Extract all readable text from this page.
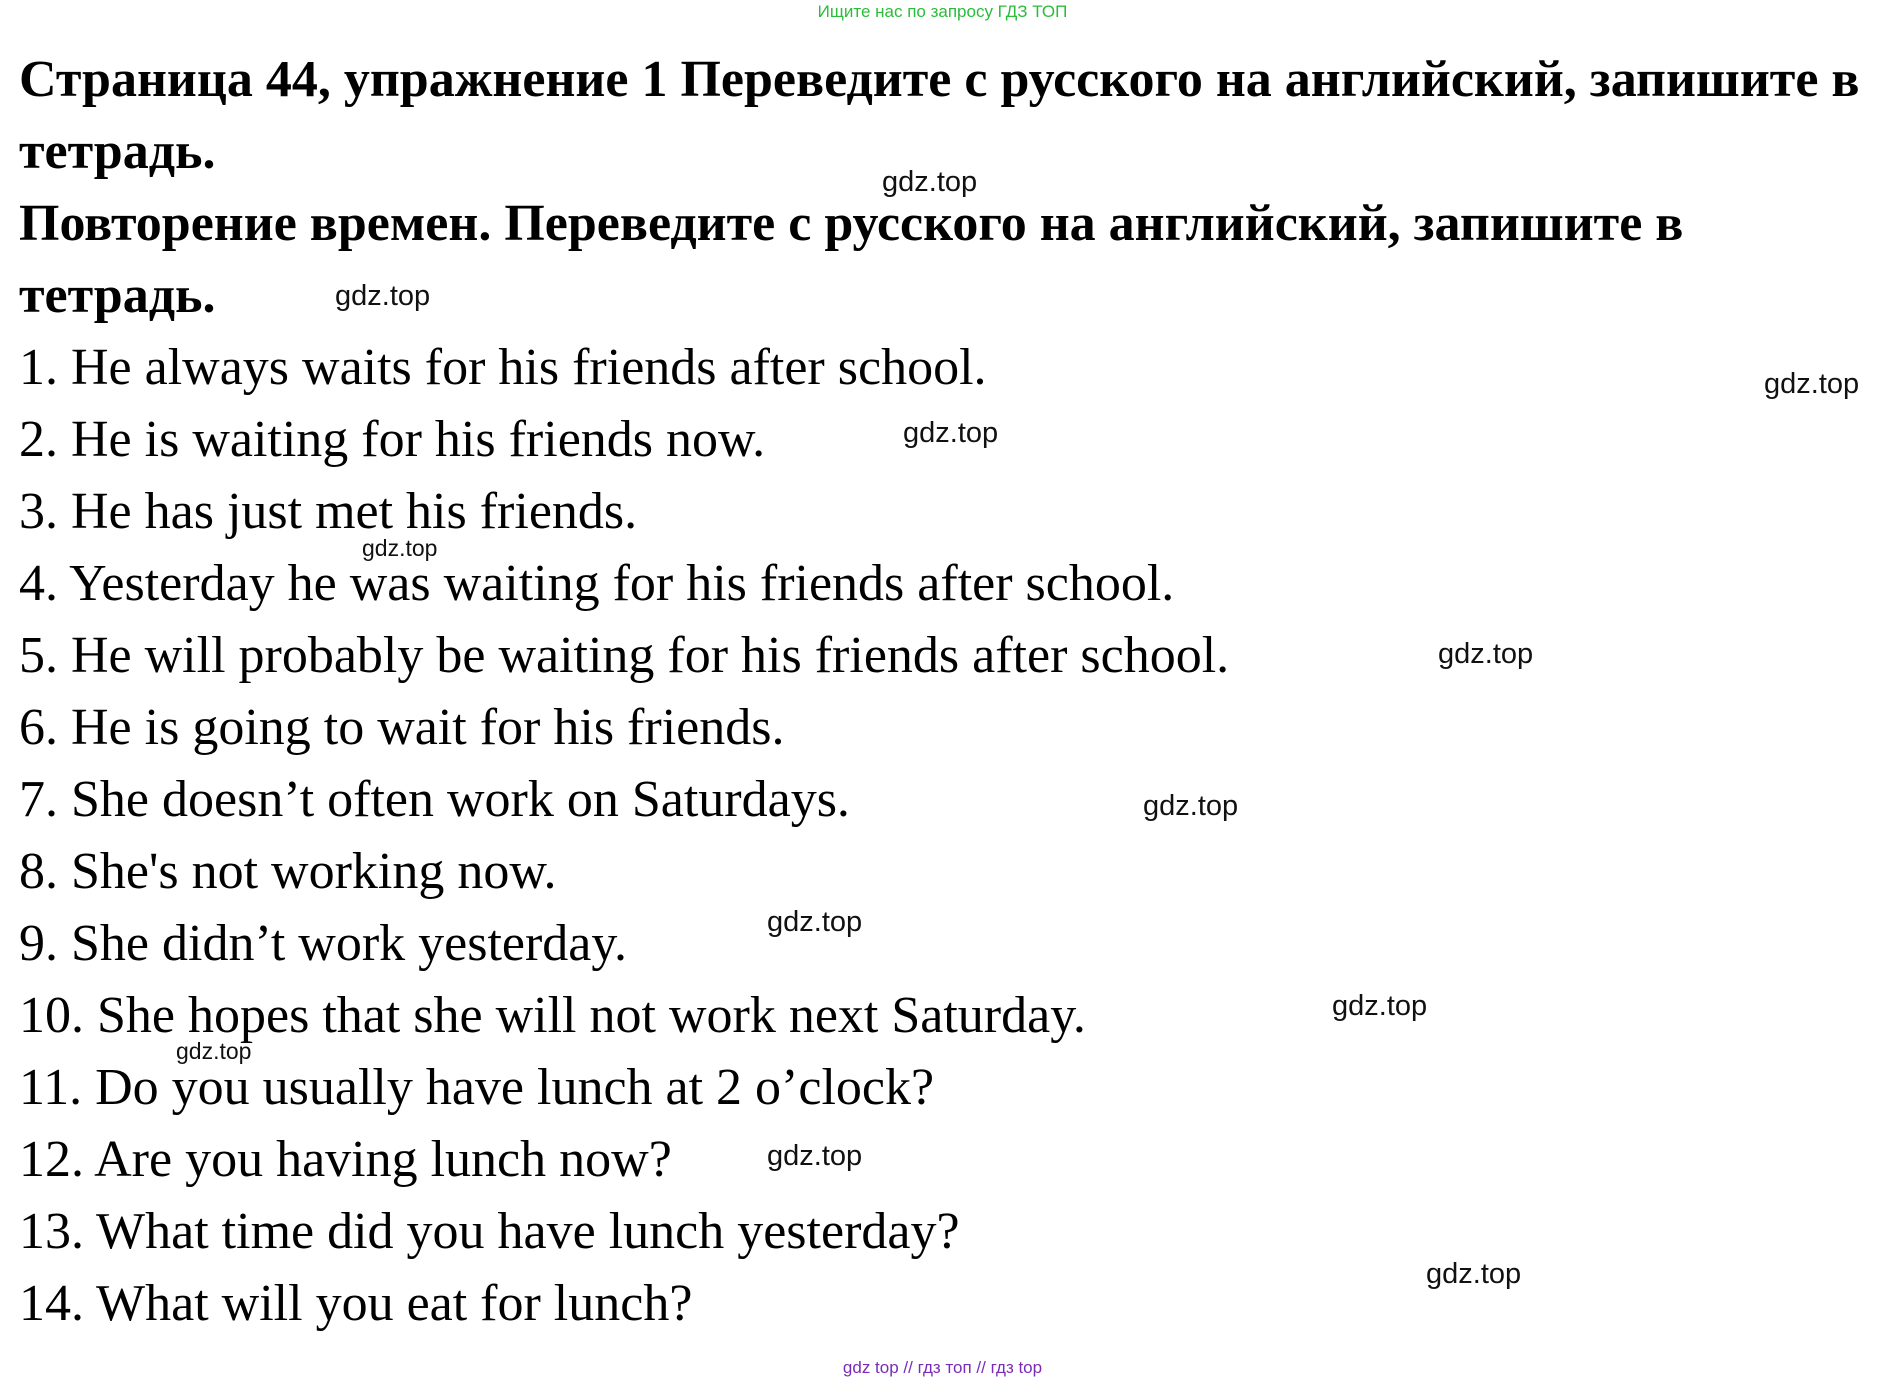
Ищите нас по запросу ГДЗ ТОП
Страница 44, упражнение 1 Переведите с русского на английский, запишите в тетрадь.
Повторение времен. Переведите с русского на английский, запишите в тетрадь.
1. He always waits for his friends after school.
2. He is waiting for his friends now.
3. He has just met his friends.
4. Yesterday he was waiting for his friends after school.
5. He will probably be waiting for his friends after school.
6. He is going to wait for his friends.
7. She doesn’t often work on Saturdays.
8. She's not working now.
9. She didn’t work yesterday.
10. She hopes that she will not work next Saturday.
11. Do you usually have lunch at 2 o’clock?
12. Are you having lunch now?
13. What time did you have lunch yesterday?
14. What will you eat for lunch?
gdz.top
gdz.top
gdz.top
gdz.top
gdz.top
gdz.top
gdz.top
gdz.top
gdz.top
gdz.top
gdz.top
gdz.top
gdz top // гдз топ // гдз top
